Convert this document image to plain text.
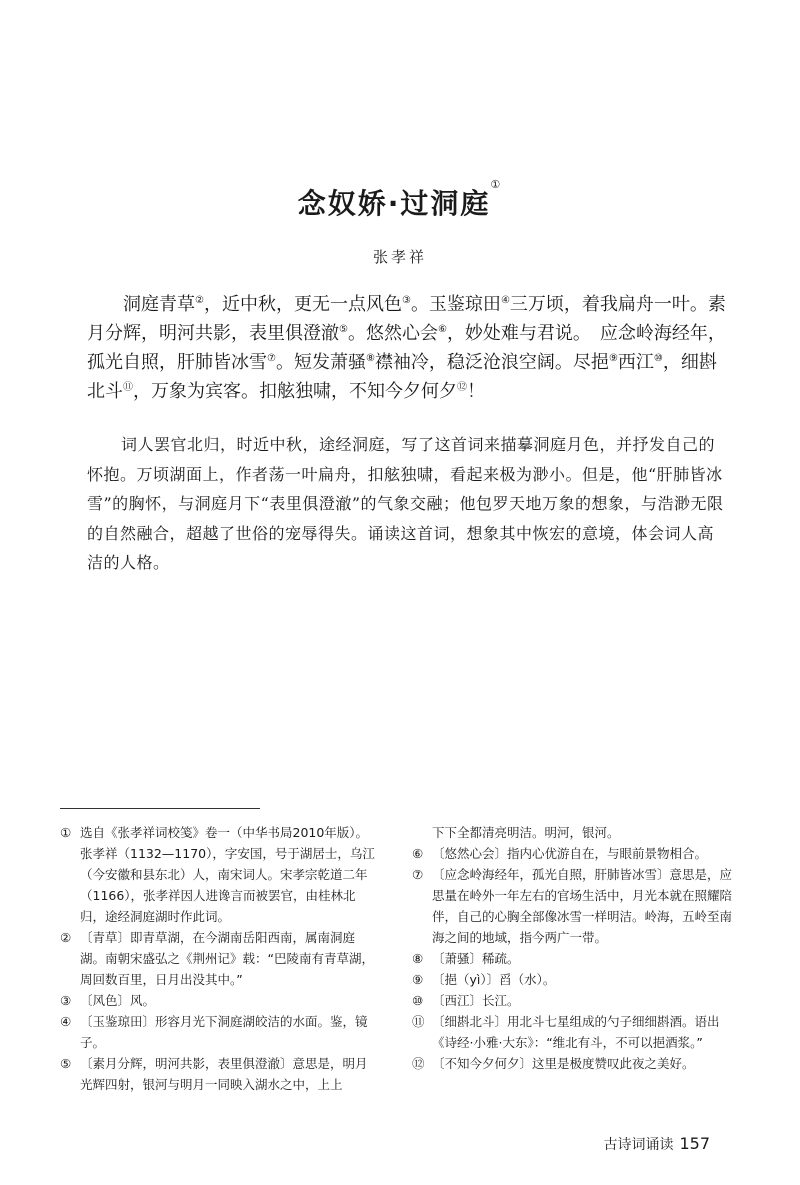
念奴娇·过洞庭①
张孝祥

洞庭青草②，近中秋，更无一点风色③。玉鉴琼田④三万顷，着我扁舟一叶。素月分辉，明河共影，表里俱澄澈⑤。悠然心会⑥，妙处难与君说。　应念岭海经年，孤光自照，肝肺皆冰雪⑦。短发萧骚⑧襟袖冷，稳泛沧浪空阔。尽挹⑨西江⑩，细斟北斗⑪，万象为宾客。扣舷独啸，不知今夕何夕⑫！

词人罢官北归，时近中秋，途经洞庭，写了这首词来描摹洞庭月色，并抒发自己的怀抱。万顷湖面上，作者荡一叶扁舟，扣舷独啸，看起来极为渺小。但是，他“肝肺皆冰雪”的胸怀，与洞庭月下“表里俱澄澈”的气象交融；他包罗天地万象的想象，与浩渺无限的自然融合，超越了世俗的宠辱得失。诵读这首词，想象其中恢宏的意境，体会词人高洁的人格。

① 选自《张孝祥词校笺》卷一（中华书局2010年版）。张孝祥（1132—1170），字安国，号于湖居士，乌江（今安徽和县东北）人，南宋词人。宋孝宗乾道二年（1166），张孝祥因人进谗言而被罢官，由桂林北归，途经洞庭湖时作此词。

② 〔青草〕即青草湖，在今湖南岳阳西南，属南洞庭湖。南朝宋盛弘之《荆州记》载：“巴陵南有青草湖，周回数百里，日月出没其中。”

③ 〔风色〕风。

④ 〔玉鉴琼田〕形容月光下洞庭湖皎洁的水面。鉴，镜子。

⑤ 〔素月分辉，明河共影，表里俱澄澈〕意思是，明月光辉四射，银河与明月一同映入湖水之中，上上

下下全都清亮明洁。明河，银河。

⑥ 〔悠然心会〕指内心优游自在，与眼前景物相合。

⑦ 〔应念岭海经年，孤光自照，肝肺皆冰雪〕意思是，应思量在岭外一年左右的官场生活中，月光本就在照耀陪伴，自己的心胸全部像冰雪一样明洁。岭海，五岭至南海之间的地域，指今两广一带。

⑧ 〔萧骚〕稀疏。

⑨ 〔挹（yì）〕舀（水）。

⑩ 〔西江〕长江。

⑪ 〔细斟北斗〕用北斗七星组成的勺子细细斟酒。语出《诗经·小雅·大东》：“维北有斗，不可以挹酒浆。”

⑫ 〔不知今夕何夕〕这里是极度赞叹此夜之美好。

古诗词诵读 157
